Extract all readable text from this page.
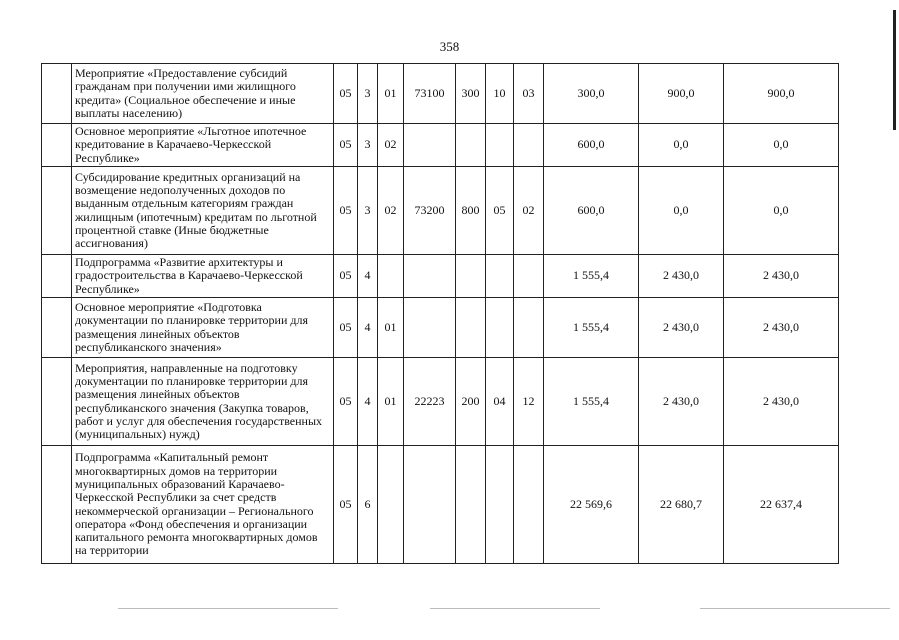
358
	Мероприятие «Предоставление субсидий гражданам при получении ими жилищного кредита» (Социальное обеспечение и иные выплаты населению)	05	3	01	73100	300	10	03	300,0	900,0	900,0
	Основное мероприятие «Льготное ипотечное кредитование в Карачаево-Черкесской Республике»	05	3	02					600,0	0,0	0,0
	Субсидирование кредитных организаций на возмещение недополученных доходов по выданным отдельным категориям граждан жилищным (ипотечным) кредитам по льготной процентной ставке (Иные бюджетные ассигнования)	05	3	02	73200	800	05	02	600,0	0,0	0,0
	Подпрограмма «Развитие архитектуры и градостроительства в Карачаево-Черкесской Республике»	05	4						1 555,4	2 430,0	2 430,0
	Основное мероприятие «Подготовка документации по планировке территории для размещения линейных объектов республиканского значения»	05	4	01					1 555,4	2 430,0	2 430,0
	Мероприятия, направленные на подготовку документации по планировке территории для размещения линейных объектов республиканского значения (Закупка товаров, работ и услуг для обеспечения государственных (муниципальных) нужд)	05	4	01	22223	200	04	12	1 555,4	2 430,0	2 430,0
	Подпрограмма «Капитальный ремонт многоквартирных домов на территории муниципальных образований Карачаево-Черкесской Республики за счет средств некоммерческой организации – Регионального оператора «Фонд обеспечения и организации капитального ремонта многоквартирных домов на территории	05	6						22 569,6	22 680,7	22 637,4
